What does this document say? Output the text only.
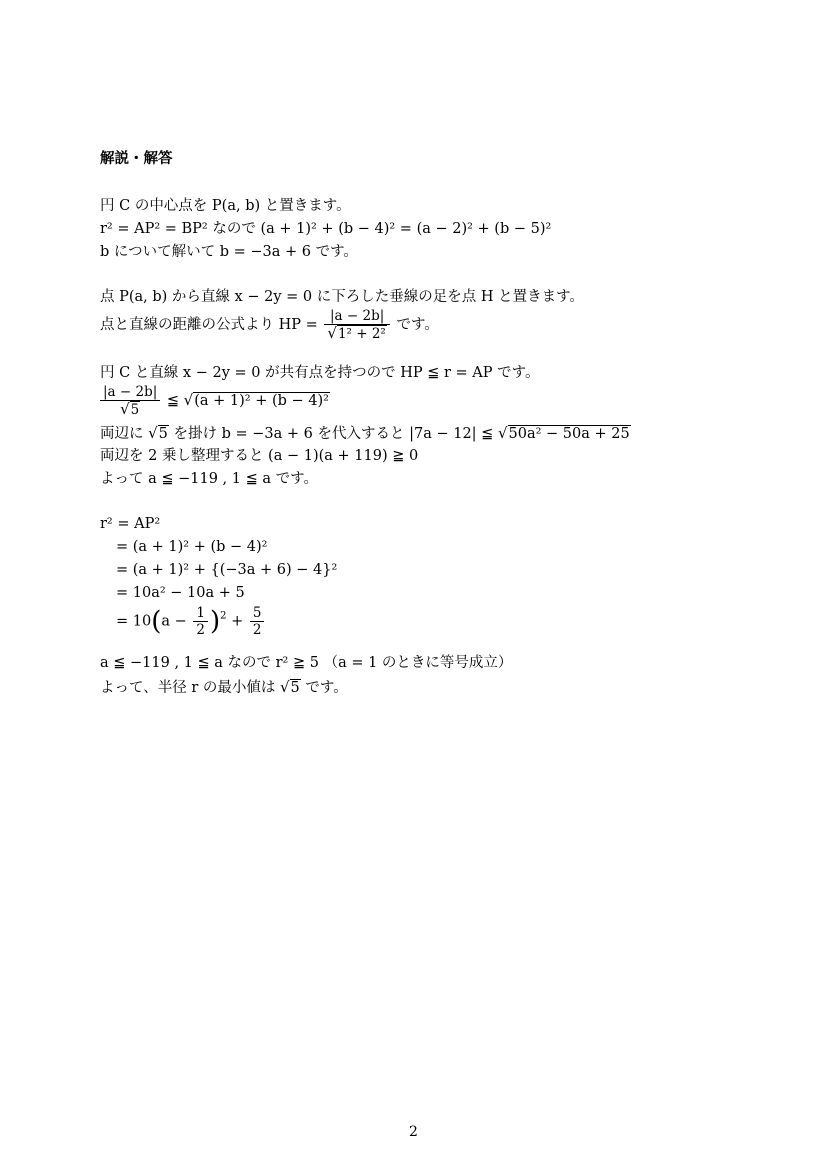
解説・解答
円 C の中心点を P(a, b) と置きます。
r² = AP² = BP² なので (a + 1)² + (b − 4)² = (a − 2)² + (b − 5)²
b について解いて b = −3a + 6 です。
点 P(a, b) から直線 x − 2y = 0 に下ろした垂線の足を点 H と置きます。
点と直線の距離の公式より HP = $\frac{|a - 2b|}{\text{√1² + 2²}}$ です。
円 C と直線 x − 2y = 0 が共有点を持つので HP ≦ r = AP です。
$\frac{|a - 2b|}{√5}$ ≦ √(a + 1)² + (b − 4)²
両辺に √5 を掛け b = −3a + 6 を代入すると |7a − 12| ≦ √50a² − 50a + 25
両辺を 2 乗し整理すると (a − 1)(a + 119) ≧ 0
よって a ≦ −119 , 1 ≦ a です。
r² = AP²
= (a + 1)² + (b − 4)²
= (a + 1)² + {(−3a + 6) − 4}²
= 10a² − 10a + 5
= $10(a - \frac{1}{2} )^2 + \frac{5}{2}$
a ≦ −119 , 1 ≦ a なので r² ≧ 5 （a = 1 のときに等号成立）
よって、半径 r の最小値は √5 です。
2
